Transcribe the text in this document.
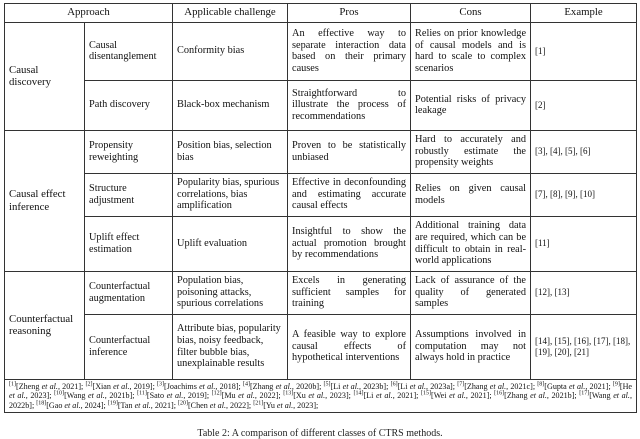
Approach		Applicable challenge	Pros	Cons	Example
Causal discovery	Causal disentanglement	Conformity bias	An effective way to separate interaction data based on their primary causes	Relies on prior knowledge of causal models and is hard to scale to complex scenarios	[1]
	Path discovery	Black-box mechanism	Straightforward to illustrate the process of recommendations	Potential risks of privacy leakage	[2]
Causal effect inference	Propensity reweighting	Position bias, selection bias	Proven to be statistically unbiased	Hard to accurately and robustly estimate the propensity weights	[3], [4], [5], [6]
	Structure adjustment	Popularity bias, spurious correlations, bias amplification	Effective in deconfounding and estimating accurate causal effects	Relies on given causal models	[7], [8], [9], [10]
	Uplift effect estimation	Uplift evaluation	Insightful to show the actual promotion brought by recommendations	Additional training data are required, which can be difficult to obtain in real-world applications	[11]
Counterfactual reasoning	Counterfactual augmentation	Population bias, poisoning attacks, spurious correlations	Excels in generating sufficient samples for training	Lack of assurance of the quality of generated samples	[12], [13]
	Counterfactual inference	Attribute bias, popularity bias, noisy feedback, filter bubble bias, unexplainable results	A feasible way to explore causal effects of hypothetical interventions	Assumptions involved in computation may not always hold in practice	[14], [15], [16], [17], [18], [19], [20], [21]
[1][Zheng et al., 2021]; [2][Xian et al., 2019]; [3][Joachims et al., 2018]; [4][Zhang et al., 2020b]; [5][Li et al., 2023b]; [6][Li et al., 2023a]; [7][Zhang et al., 2021c]; [8][Gupta et al., 2021]; [9][He et al., 2023]; [10][Wang et al., 2021b]; [11][Sato et al., 2019]; [12][Mu et al., 2022]; [13][Xu et al., 2023]; [14][Li et al., 2021]; [15][Wei et al., 2021]; [16][Zhang et al., 2021b]; [17][Wang et al., 2022b]; [18][Gao et al., 2024]; [19][Tan et al., 2021]; [20][Chen et al., 2022]; [21][Yu et al., 2023];					
Table 2: A comparison of different classes of CTRS methods.
